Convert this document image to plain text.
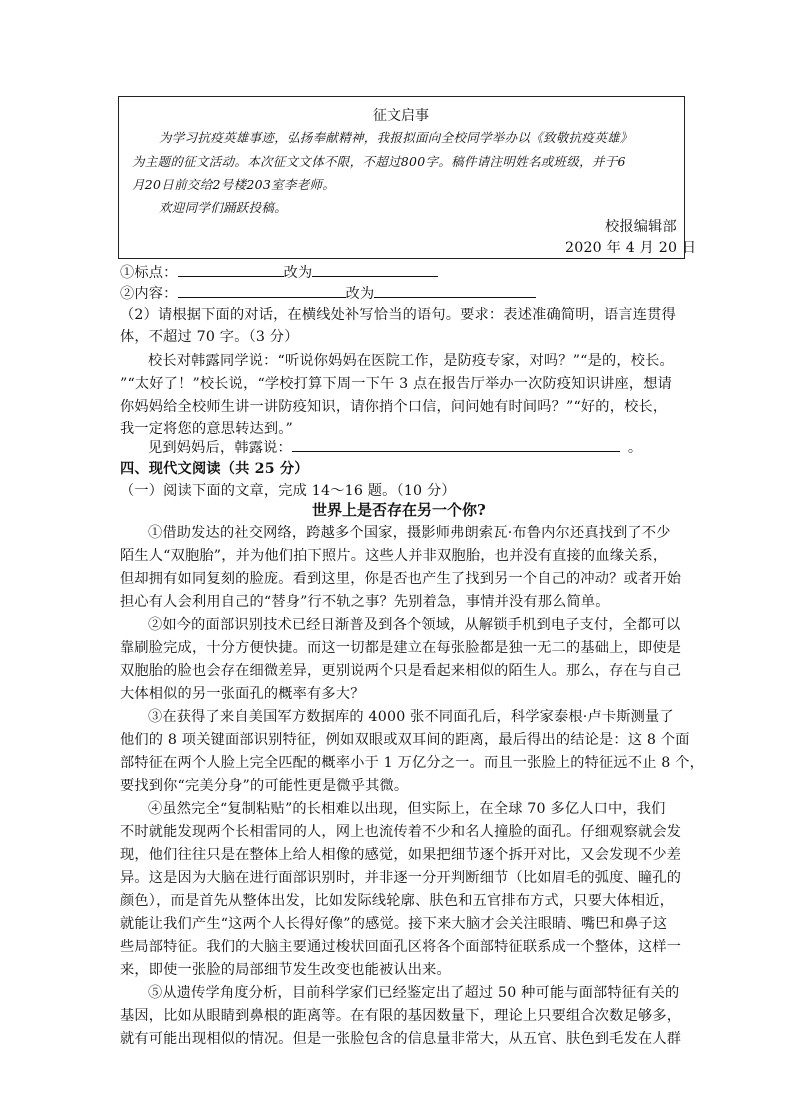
征文启事
为学习抗疫英雄事迹，弘扬奉献精神，我报拟面向全校同学举办以《致敬抗疫英雄》
为主题的征文活动。本次征文文体不限，不超过800字。稿件请注明姓名或班级，并于6
月20日前交给2号楼203室李老师。
欢迎同学们踊跃投稿。
校报编辑部
2020 年 4 月 20 日
①标点：	改为
②内容：	改为
（2）请根据下面的对话，在横线处补写恰当的语句。要求：表述准确简明，语言连贯得
体，不超过 70 字。（3 分）
校长对韩露同学说：“听说你妈妈在医院工作，是防疫专家，对吗？”“是的，校长。
”“太好了！”校长说，“学校打算下周一下午 3 点在报告厅举办一次防疫知识讲座，想请
你妈妈给全校师生讲一讲防疫知识，请你捎个口信，问问她有时间吗？”“好的，校长，
我一定将您的意思转达到。”
见到妈妈后，韩露说：	。
四、现代文阅读（共 25 分）
（一）阅读下面的文章，完成 14～16 题。（10 分）
世界上是否存在另一个你?
①借助发达的社交网络，跨越多个国家，摄影师弗朗索瓦·布鲁内尔还真找到了不少
陌生人“双胞胎”，并为他们拍下照片。这些人并非双胞胎，也并没有直接的血缘关系，
但却拥有如同复刻的脸庞。看到这里，你是否也产生了找到另一个自己的冲动？或者开始
担心有人会利用自己的“替身”行不轨之事？先别着急，事情并没有那么简单。
②如今的面部识别技术已经日渐普及到各个领域，从解锁手机到电子支付，全都可以
靠刷脸完成，十分方便快捷。而这一切都是建立在每张脸都是独一无二的基础上，即使是
双胞胎的脸也会存在细微差异，更别说两个只是看起来相似的陌生人。那么，存在与自己
大体相似的另一张面孔的概率有多大？
③在获得了来自美国军方数据库的 4000 张不同面孔后，科学家泰根·卢卡斯测量了
他们的 8 项关键面部识别特征，例如双眼或双耳间的距离，最后得出的结论是：这 8 个面
部特征在两个人脸上完全匹配的概率小于 1 万亿分之一。而且一张脸上的特征远不止 8 个，
要找到你“完美分身”的可能性更是微乎其微。
④虽然完全“复制粘贴”的长相难以出现，但实际上，在全球 70 多亿人口中，我们
不时就能发现两个长相雷同的人，网上也流传着不少和名人撞脸的面孔。仔细观察就会发
现，他们往往只是在整体上给人相像的感觉，如果把细节逐个拆开对比，又会发现不少差
异。这是因为大脑在进行面部识别时，并非逐一分开判断细节（比如眉毛的弧度、瞳孔的
颜色），而是首先从整体出发，比如发际线轮廓、肤色和五官排布方式，只要大体相近，
就能让我们产生“这两个人长得好像”的感觉。接下来大脑才会关注眼睛、嘴巴和鼻子这
些局部特征。我们的大脑主要通过梭状回面孔区将各个面部特征联系成一个整体，这样一
来，即使一张脸的局部细节发生改变也能被认出来。
⑤从遗传学角度分析，目前科学家们已经鉴定出了超过 50 种可能与面部特征有关的
基因，比如从眼睛到鼻根的距离等。在有限的基因数量下，理论上只要组合次数足够多，
就有可能出现相似的情况。但是一张脸包含的信息量非常大，从五官、肤色到毛发在人群
